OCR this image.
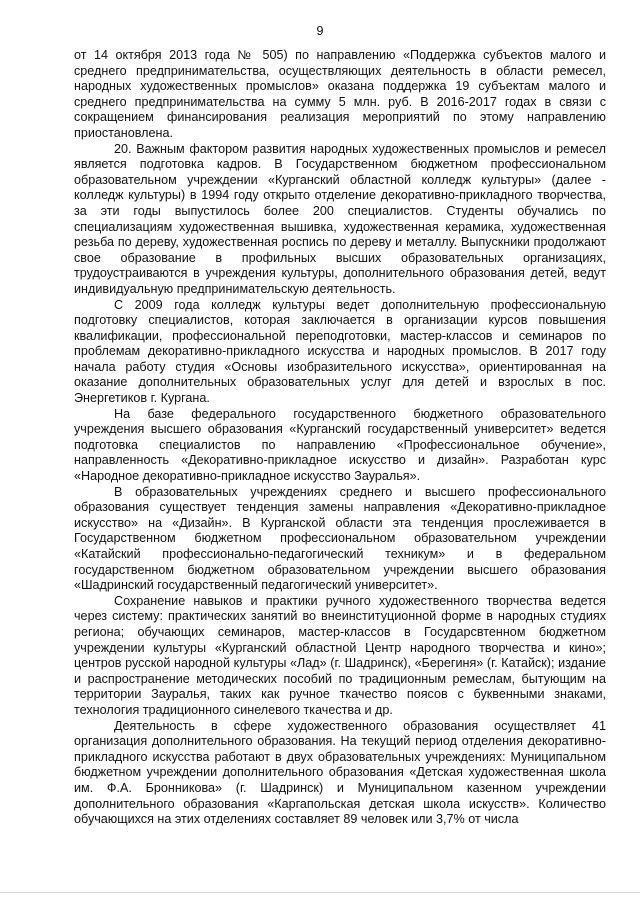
9

от 14 октября 2013 года № 505) по направлению «Поддержка субъектов малого и среднего предпринимательства, осуществляющих деятельность в области ремесел, народных художественных промыслов» оказана поддержка 19 субъектам малого и среднего предпринимательства на сумму 5 млн. руб. В 2016-2017 годах в связи с сокращением финансирования реализация мероприятий по этому направлению приостановлена.

20. Важным фактором развития народных художественных промыслов и ремесел является подготовка кадров. В Государственном бюджетном профессиональном образовательном учреждении «Курганский областной колледж культуры» (далее - колледж культуры) в 1994 году открыто отделение декоративно-прикладного творчества, за эти годы выпустилось более 200 специалистов. Студенты обучались по специализациям художественная вышивка, художественная керамика, художественная резьба по дереву, художественная роспись по дереву и металлу. Выпускники продолжают свое образование в профильных высших образовательных организациях, трудоустраиваются в учреждения культуры, дополнительного образования детей, ведут индивидуальную предпринимательскую деятельность.

С 2009 года колледж культуры ведет дополнительную профессиональную подготовку специалистов, которая заключается в организации курсов повышения квалификации, профессиональной переподготовки, мастер-классов и семинаров по проблемам декоративно-прикладного искусства и народных промыслов. В 2017 году начала работу студия «Основы изобразительного искусства», ориентированная на оказание дополнительных образовательных услуг для детей и взрослых в пос. Энергетиков г. Кургана.

На базе федерального государственного бюджетного образовательного учреждения высшего образования «Курганский государственный университет» ведется подготовка специалистов по направлению «Профессиональное обучение», направленность «Декоративно-прикладное искусство и дизайн». Разработан курс «Народное декоративно-прикладное искусство Зауралья».

В образовательных учреждениях среднего и высшего профессионального образования существует тенденция замены направления «Декоративно-прикладное искусство» на «Дизайн». В Курганской области эта тенденция прослеживается в Государственном бюджетном профессиональном образовательном учреждении «Катайский профессионально-педагогический техникум» и в федеральном государственном бюджетном образовательном учреждении высшего образования «Шадринский государственный педагогический университет».

Сохранение навыков и практики ручного художественного творчества ведется через систему: практических занятий во внеинституционной форме в народных студиях региона; обучающих семинаров, мастер-классов в Государсвтенном бюджетном учреждении культуры «Курганский областной Центр народного творчества и кино»; центров русской народной культуры «Лад» (г. Шадринск), «Берегиня» (г. Катайск); издание и распространение методических пособий по традиционным ремеслам, бытующим на территории Зауралья, таких как ручное ткачество поясов с буквенными знаками, технология традиционного синелевого ткачества и др.

Деятельность в сфере художественного образования осуществляет 41 организация дополнительного образования. На текущий период отделения декоративно-прикладного искусства работают в двух образовательных учреждениях: Муниципальном бюджетном учреждении дополнительного образования «Детская художественная школа им. Ф.А. Бронникова» (г. Шадринск) и Муниципальном казенном учреждении дополнительного образования «Каргапольская детская школа искусств». Количество обучающихся на этих отделениях составляет 89 человек или 3,7% от числа
